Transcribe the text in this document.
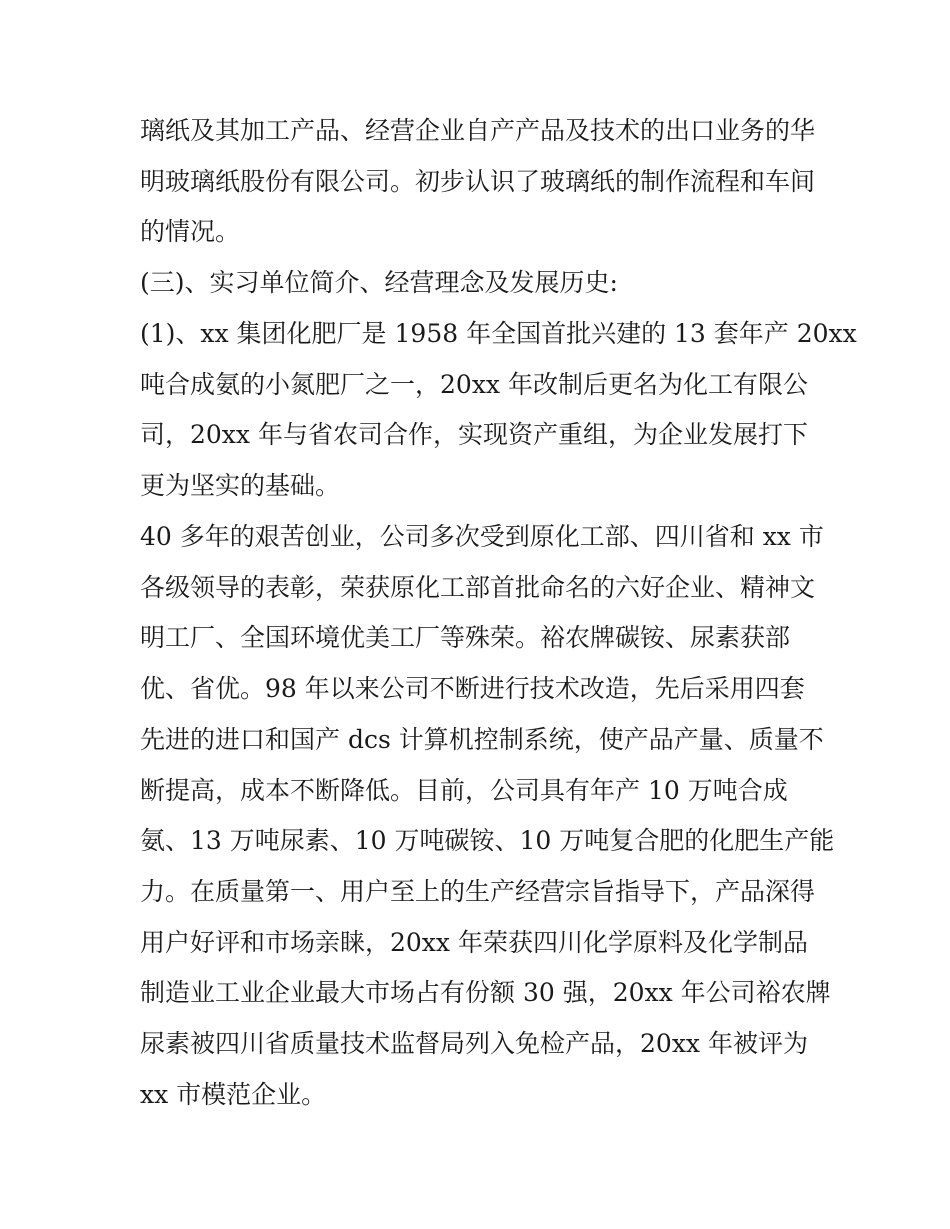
璃纸及其加工产品、经营企业自产产品及技术的出口业务的华
明玻璃纸股份有限公司。初步认识了玻璃纸的制作流程和车间
的情况。
(三)、实习单位简介、经营理念及发展历史:
(1)、xx 集团化肥厂是 1958 年全国首批兴建的 13 套年产 20xx
吨合成氨的小氮肥厂之一，20xx 年改制后更名为化工有限公
司，20xx 年与省农司合作，实现资产重组，为企业发展打下
更为坚实的基础。
40 多年的艰苦创业，公司多次受到原化工部、四川省和 xx 市
各级领导的表彰，荣获原化工部首批命名的六好企业、精神文
明工厂、全国环境优美工厂等殊荣。裕农牌碳铵、尿素获部
优、省优。98 年以来公司不断进行技术改造，先后采用四套
先进的进口和国产 dcs 计算机控制系统，使产品产量、质量不
断提高，成本不断降低。目前，公司具有年产 10 万吨合成
氨、13 万吨尿素、10 万吨碳铵、10 万吨复合肥的化肥生产能
力。在质量第一、用户至上的生产经营宗旨指导下，产品深得
用户好评和市场亲睐，20xx 年荣获四川化学原料及化学制品
制造业工业企业最大市场占有份额 30 强，20xx 年公司裕农牌
尿素被四川省质量技术监督局列入免检产品，20xx 年被评为
xx 市模范企业。
